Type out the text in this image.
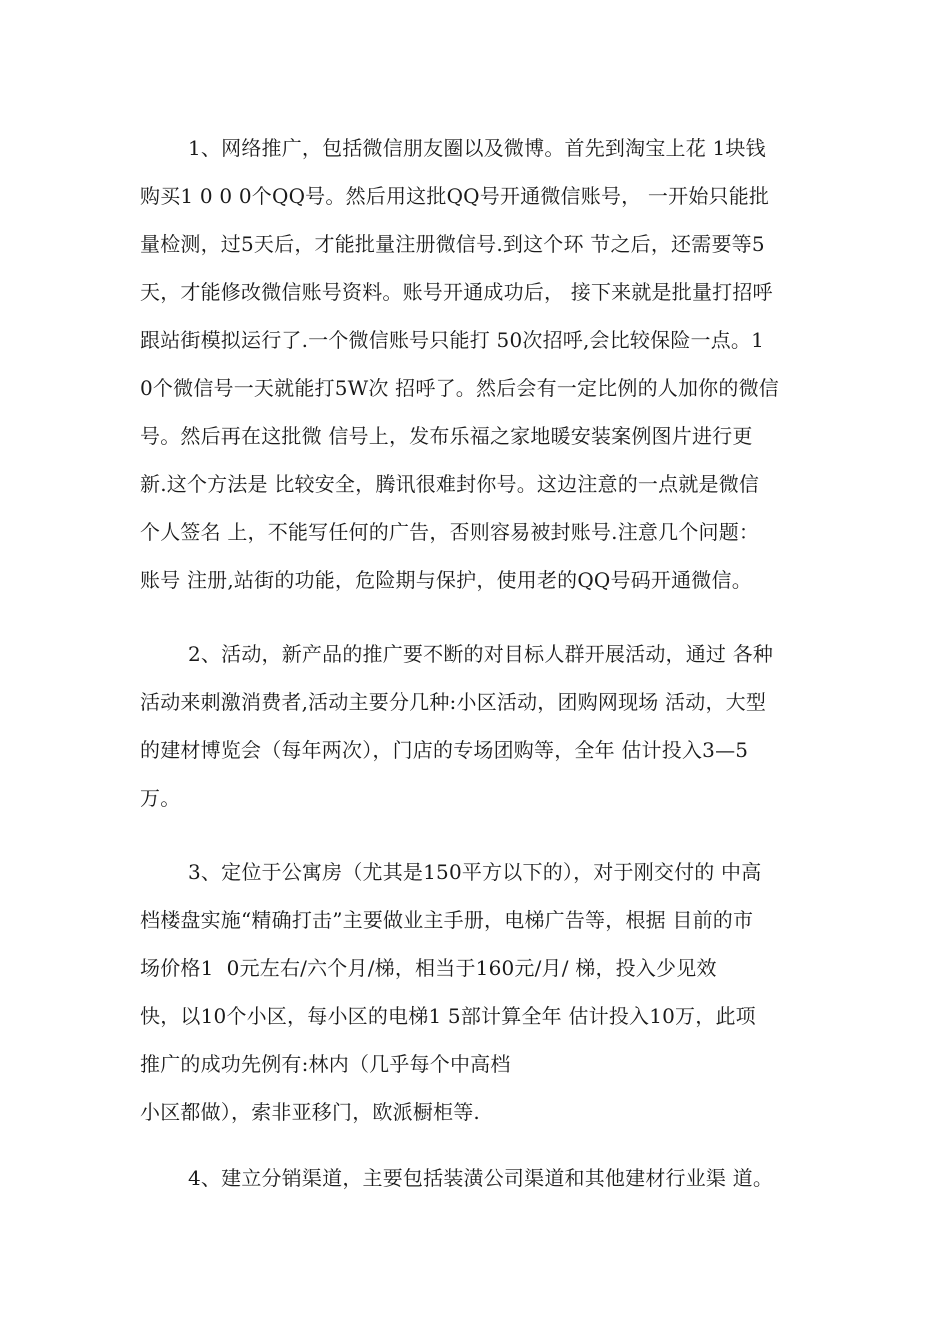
1、网络推广，包括微信朋友圈以及微博。首先到淘宝上花 1块钱

购买1 0 0 0个QQ号。然后用这批QQ号开通微信账号， 一开始只能批

量检测，过5天后，才能批量注册微信号.到这个环 节之后，还需要等5

天，才能修改微信账号资料。账号开通成功后， 接下来就是批量打招呼

跟站街模拟运行了.一个微信账号只能打 50次招呼,会比较保险一点。1

0个微信号一天就能打5W次 招呼了。然后会有一定比例的人加你的微信

号。然后再在这批微 信号上，发布乐福之家地暖安装案例图片进行更

新.这个方法是 比较安全，腾讯很难封你号。这边注意的一点就是微信

个人签名 上，不能写任何的广告，否则容易被封账号.注意几个问题：

账号 注册,站街的功能，危险期与保护，使用老的QQ号码开通微信。

2、活动，新产品的推广要不断的对目标人群开展活动，通过 各种

活动来刺激消费者,活动主要分几种:小区活动，团购网现场 活动，大型

的建材博览会（每年两次），门店的专场团购等，全年 估计投入3—5

万。

3、定位于公寓房（尤其是150平方以下的），对于刚交付的 中高

档楼盘实施“精确打击”主要做业主手册，电梯广告等，根据 目前的市

场价格1  0元左右/六个月/梯，相当于160元/月/ 梯，投入少见效

快，以10个小区，每小区的电梯1 5部计算全年 估计投入10万，此项

推广的成功先例有:林内（几乎每个中高档

小区都做），索非亚移门，欧派橱柜等.

4、建立分销渠道，主要包括装潢公司渠道和其他建材行业渠 道。
